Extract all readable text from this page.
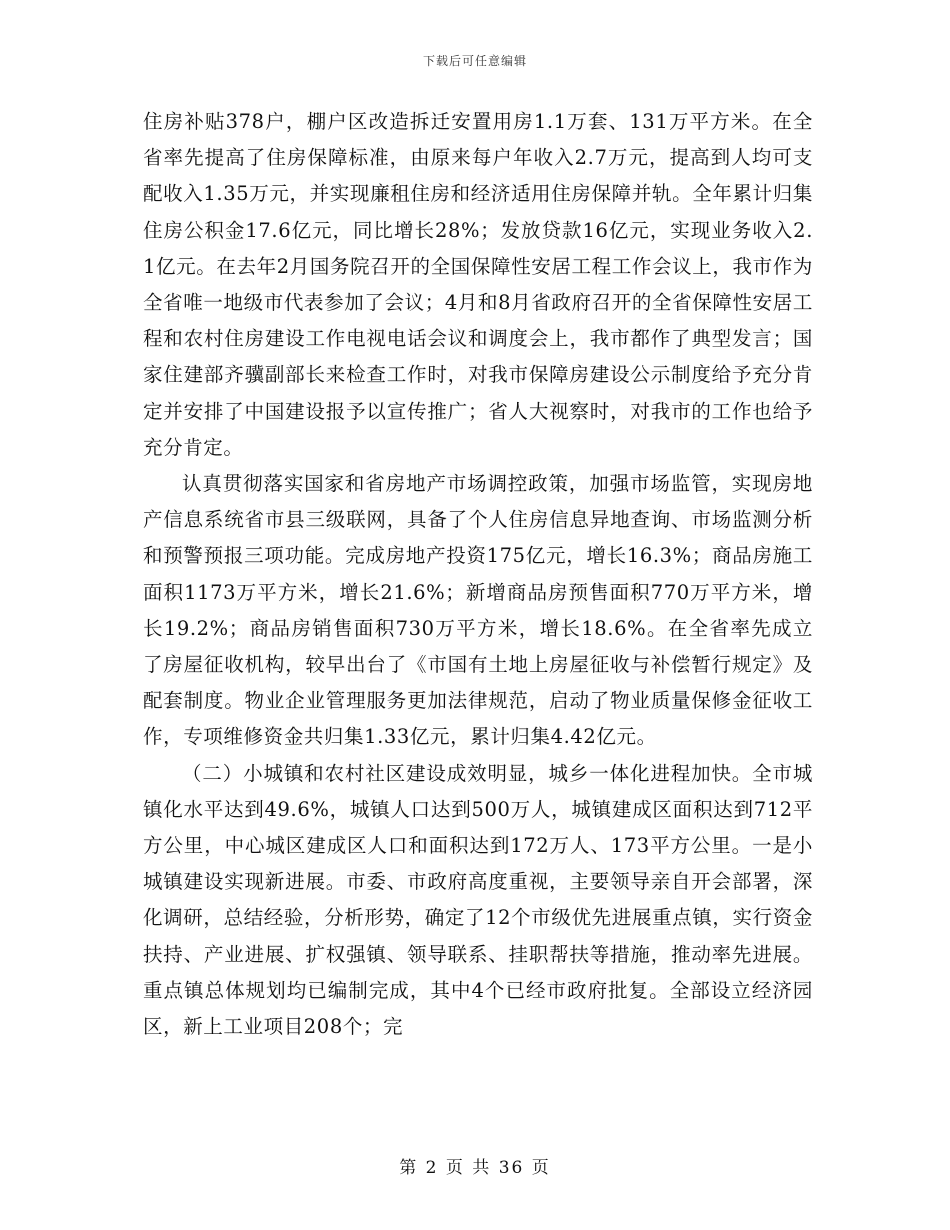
下载后可任意编辑

住房补贴378户，棚户区改造拆迁安置用房1.1万套、131万平方米。在全省率先提高了住房保障标准，由原来每户年收入2.7万元，提高到人均可支配收入1.35万元，并实现廉租住房和经济适用住房保障并轨。全年累计归集住房公积金17.6亿元，同比增长28%；发放贷款16亿元，实现业务收入2.1亿元。在去年2月国务院召开的全国保障性安居工程工作会议上，我市作为全省唯一地级市代表参加了会议；4月和8月省政府召开的全省保障性安居工程和农村住房建设工作电视电话会议和调度会上，我市都作了典型发言；国家住建部齐骥副部长来检查工作时，对我市保障房建设公示制度给予充分肯定并安排了中国建设报予以宣传推广；省人大视察时，对我市的工作也给予充分肯定。

认真贯彻落实国家和省房地产市场调控政策，加强市场监管，实现房地产信息系统省市县三级联网，具备了个人住房信息异地查询、市场监测分析和预警预报三项功能。完成房地产投资175亿元，增长16.3%；商品房施工面积1173万平方米，增长21.6%；新增商品房预售面积770万平方米，增长19.2%；商品房销售面积730万平方米，增长18.6%。在全省率先成立了房屋征收机构，较早出台了《市国有土地上房屋征收与补偿暂行规定》及配套制度。物业企业管理服务更加法律规范，启动了物业质量保修金征收工作，专项维修资金共归集1.33亿元，累计归集4.42亿元。

（二）小城镇和农村社区建设成效明显，城乡一体化进程加快。全市城镇化水平达到49.6%，城镇人口达到500万人，城镇建成区面积达到712平方公里，中心城区建成区人口和面积达到172万人、173平方公里。一是小城镇建设实现新进展。市委、市政府高度重视，主要领导亲自开会部署，深化调研，总结经验，分析形势，确定了12个市级优先进展重点镇，实行资金扶持、产业进展、扩权强镇、领导联系、挂职帮扶等措施，推动率先进展。重点镇总体规划均已编制完成，其中4个已经市政府批复。全部设立经济园区，新上工业项目208个；完

第 2 页 共 36 页
